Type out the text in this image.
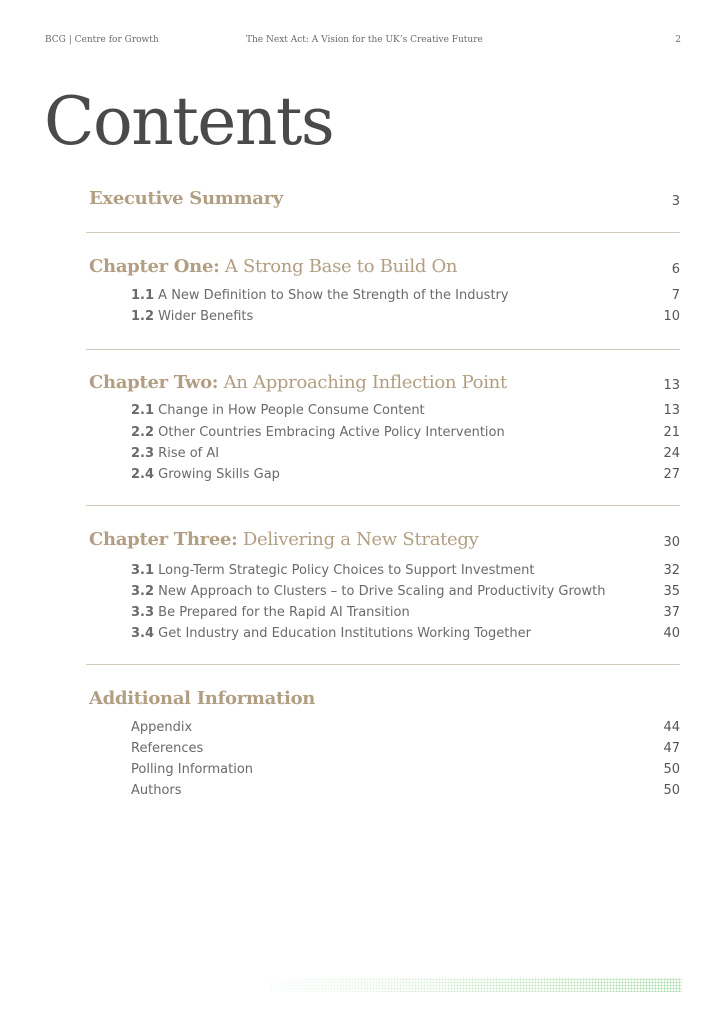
BCG | Centre for Growth	The Next Act: A Vision for the UK’s Creative Future	2
Contents
Executive Summary	3
Chapter One: A Strong Base to Build On	6
1.1 A New Definition to Show the Strength of the Industry	7
1.2 Wider Benefits	10
Chapter Two: An Approaching Inflection Point	13
2.1 Change in How People Consume Content	13
2.2 Other Countries Embracing Active Policy Intervention	21
2.3 Rise of AI	24
2.4 Growing Skills Gap	27
Chapter Three: Delivering a New Strategy	30
3.1 Long-Term Strategic Policy Choices to Support Investment	32
3.2 New Approach to Clusters – to Drive Scaling and Productivity Growth	35
3.3 Be Prepared for the Rapid AI Transition	37
3.4 Get Industry and Education Institutions Working Together	40
Additional Information
Appendix	44
References	47
Polling Information	50
Authors	50
